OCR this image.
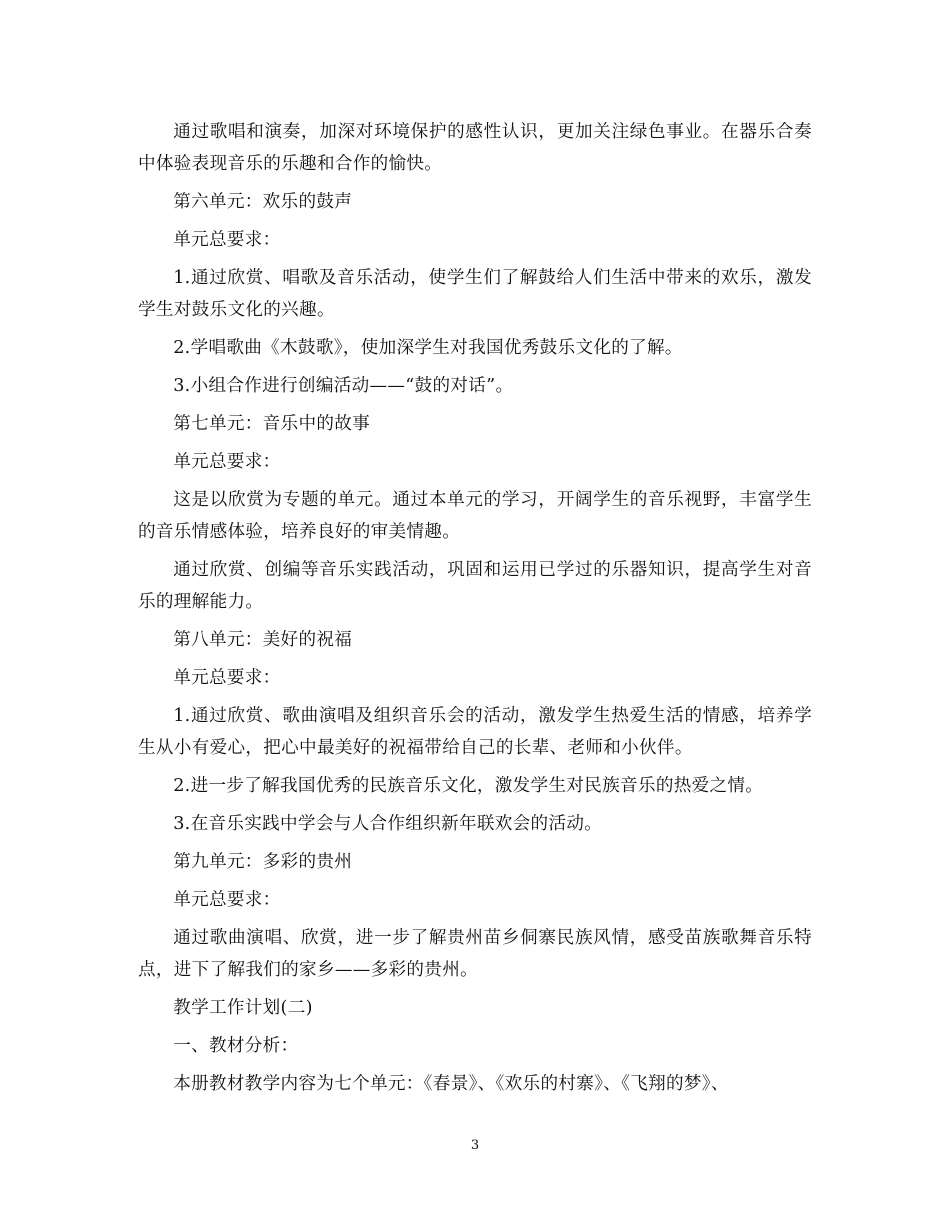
通过歌唱和演奏，加深对环境保护的感性认识，更加关注绿色事业。在器乐合奏中体验表现音乐的乐趣和合作的愉快。

第六单元：欢乐的鼓声

单元总要求：

1.通过欣赏、唱歌及音乐活动，使学生们了解鼓给人们生活中带来的欢乐，激发学生对鼓乐文化的兴趣。

2.学唱歌曲《木鼓歌》，使加深学生对我国优秀鼓乐文化的了解。

3.小组合作进行创编活动——“鼓的对话”。

第七单元：音乐中的故事

单元总要求：

这是以欣赏为专题的单元。通过本单元的学习，开阔学生的音乐视野，丰富学生的音乐情感体验，培养良好的审美情趣。

通过欣赏、创编等音乐实践活动，巩固和运用已学过的乐器知识，提高学生对音乐的理解能力。

第八单元：美好的祝福

单元总要求：

1.通过欣赏、歌曲演唱及组织音乐会的活动，激发学生热爱生活的情感，培养学生从小有爱心，把心中最美好的祝福带给自己的长辈、老师和小伙伴。

2.进一步了解我国优秀的民族音乐文化，激发学生对民族音乐的热爱之情。

3.在音乐实践中学会与人合作组织新年联欢会的活动。

第九单元：多彩的贵州

单元总要求：

通过歌曲演唱、欣赏，进一步了解贵州苗乡侗寨民族风情，感受苗族歌舞音乐特点，进下了解我们的家乡——多彩的贵州。

教学工作计划(二)

一、教材分析：

本册教材教学内容为七个单元：《春景》、《欢乐的村寨》、《飞翔的梦》、

3
